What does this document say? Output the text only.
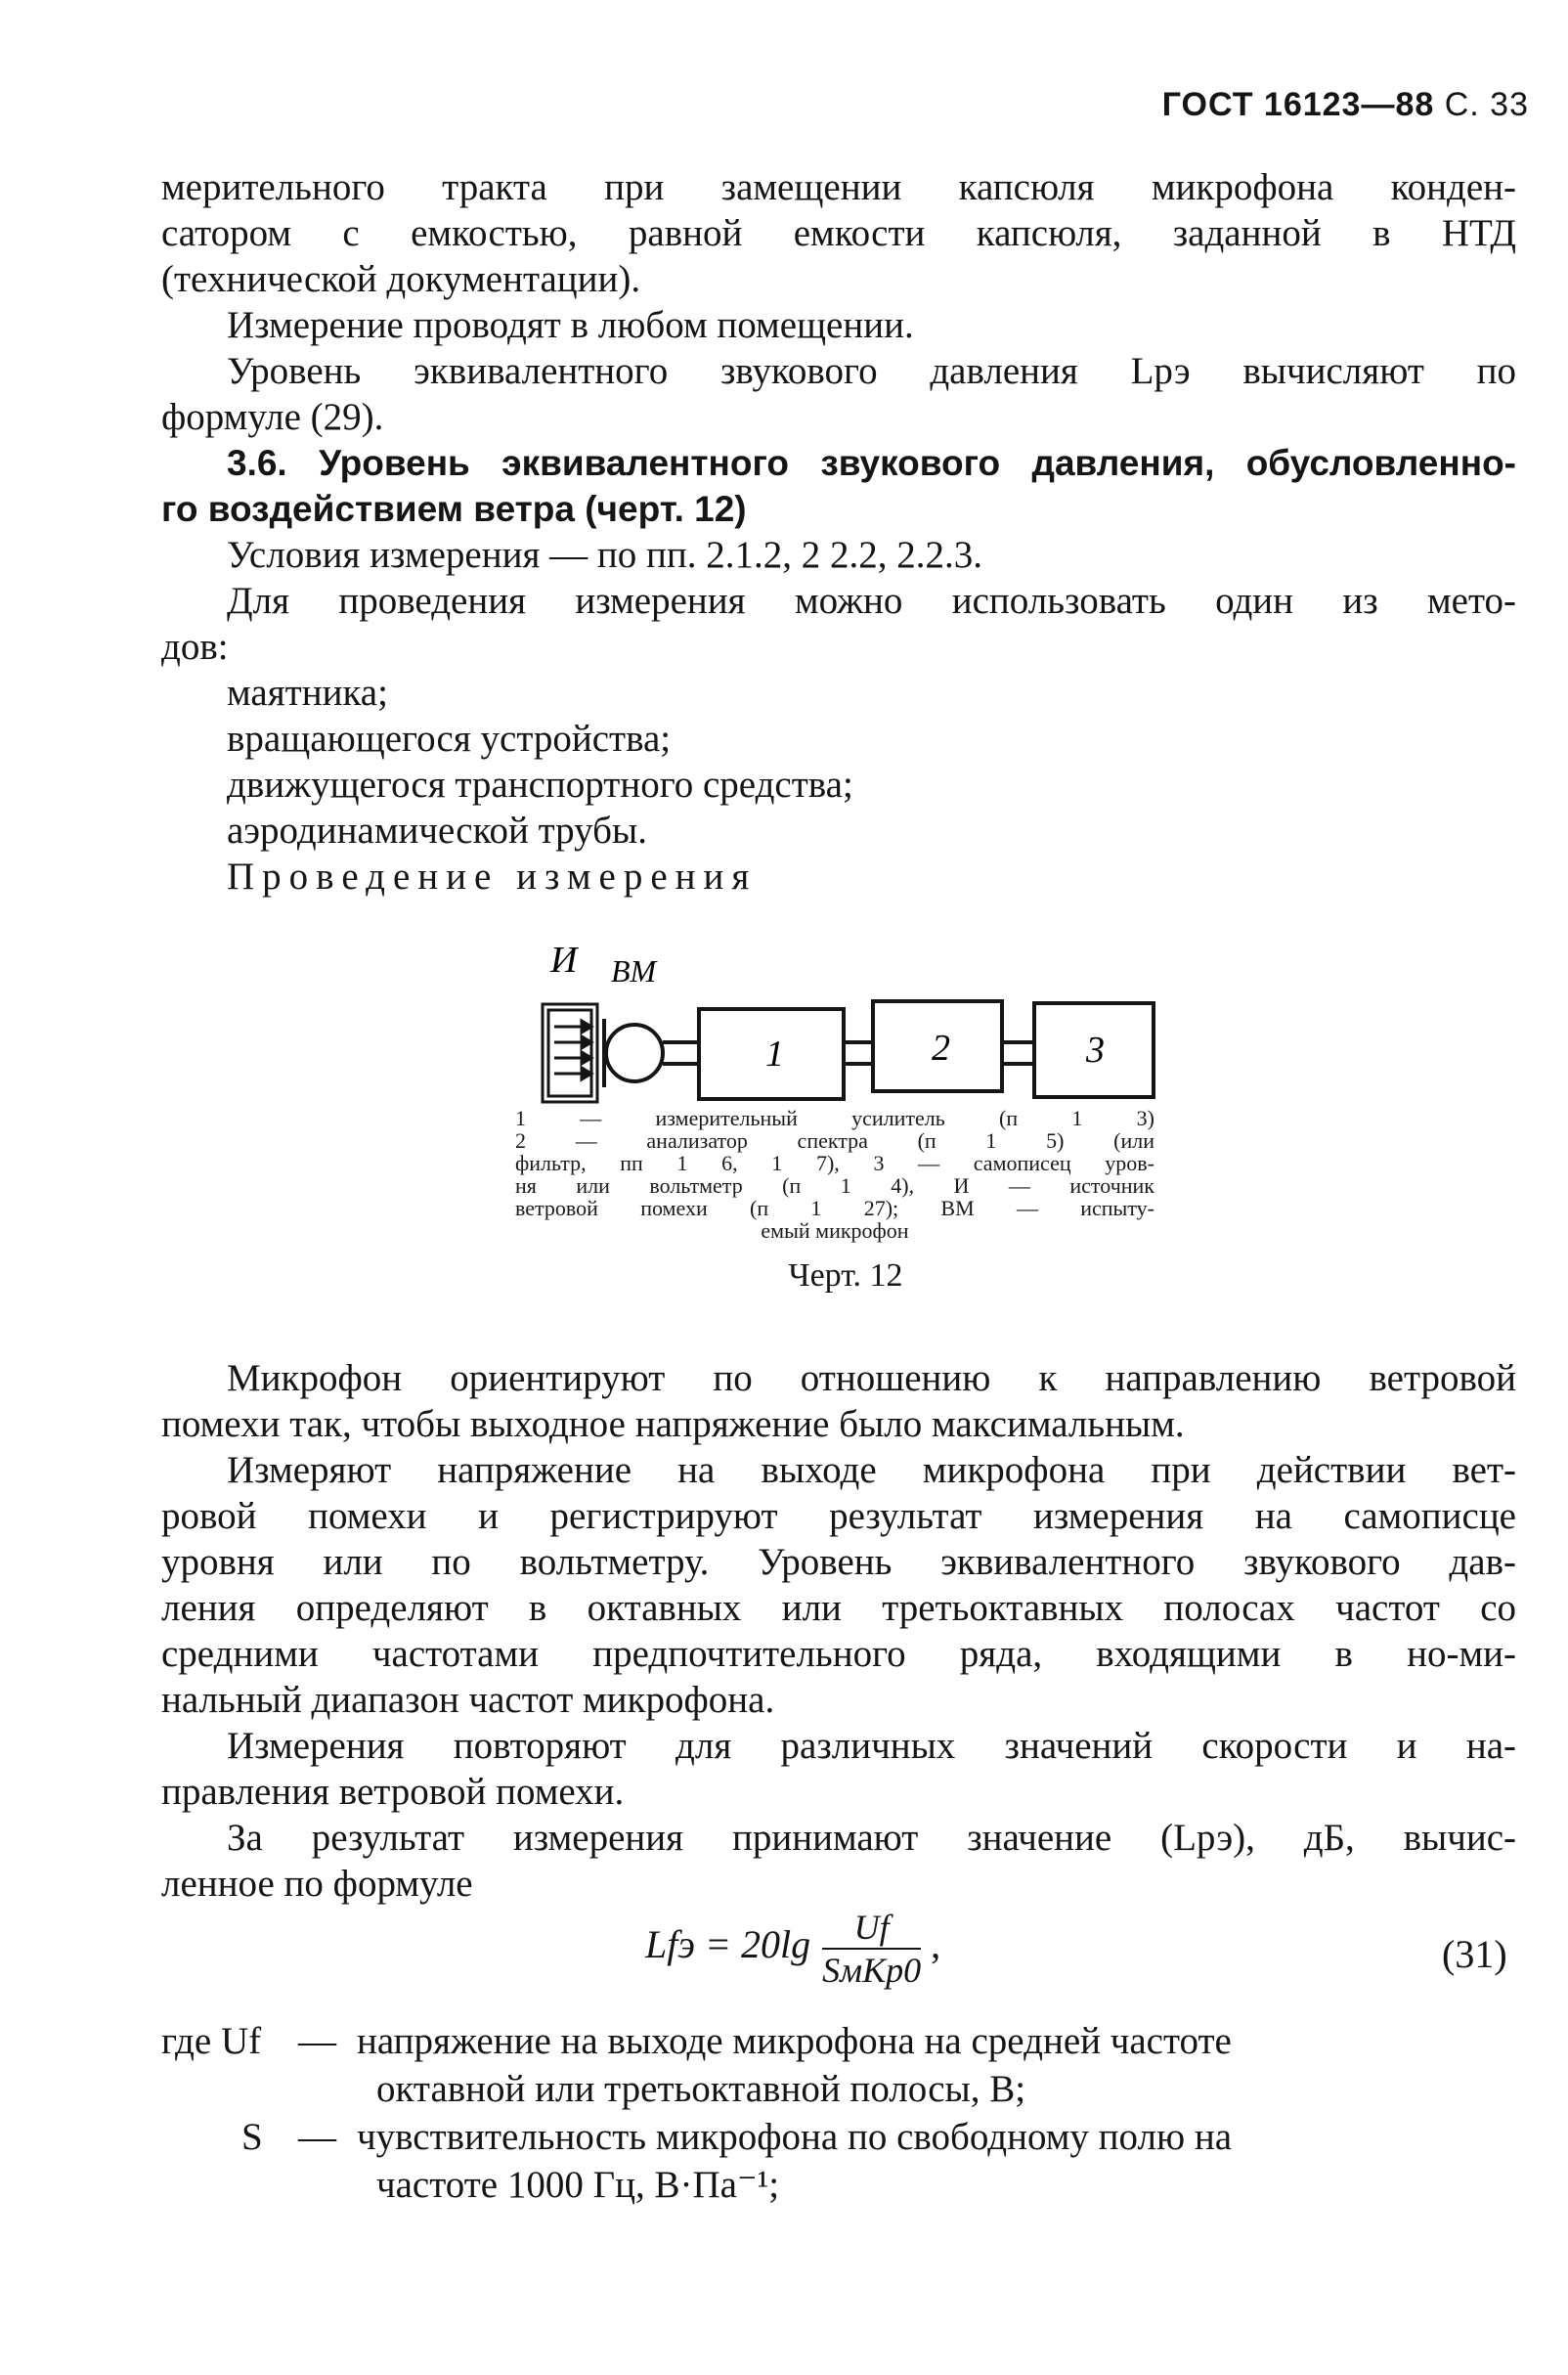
ГОСТ 16123—88 С. 33
мерительного тракта при замещении капсюля микрофона конден-
сатором с емкостью, равной емкости капсюля, заданной в НТД
(технической документации).
Измерение проводят в любом помещении.
Уровень эквивалентного звукового давления Lрэ вычисляют по
формуле (29).
3.6. Уровень эквивалентного звукового давления, обусловленно-
го воздействием ветра (черт. 12)
Условия измерения — по пп. 2.1.2, 2 2.2, 2.2.3.
Для проведения измерения можно использовать один из мето-
дов:
маятника;
вращающегося устройства;
движущегося транспортного средства;
аэродинамической трубы.
Проведение измерения
И ВМ
1	2	3
1 — измерительный усилитель (п 1 3)
2 — анализатор спектра (п 1 5) (или
фильтр, пп 1 6, 1 7), 3 — самописец уров-
ня или вольтметр (п 1 4), И — источник
ветровой помехи (п 1 27); ВМ — испыту-
емый микрофон
Черт. 12
Микрофон ориентируют по отношению к направлению ветровой
помехи так, чтобы выходное напряжение было максимальным.
Измеряют напряжение на выходе микрофона при действии вет-
ровой помехи и регистрируют результат измерения на самописце
уровня или по вольтметру. Уровень эквивалентного звукового дав-
ления определяют в октавных или третьоктавных полосах частот со
средними частотами предпочтительного ряда, входящими в но-ми-
нальный диапазон частот микрофона.
Измерения повторяют для различных значений скорости и на-
правления ветровой помехи.
За результат измерения принимают значение (Lрэ), дБ, вычис-
ленное по формуле
Lfэ = $20\lg \frac{Uf}{\text{SмKp0}}$ ,	(31)
где Uf — напряжение на выходе микрофона на средней частоте
октавной или третьоктавной полосы, В;
S — чувствительность микрофона по свободному полю на
частоте 1000 Гц, В·Па⁻¹;
